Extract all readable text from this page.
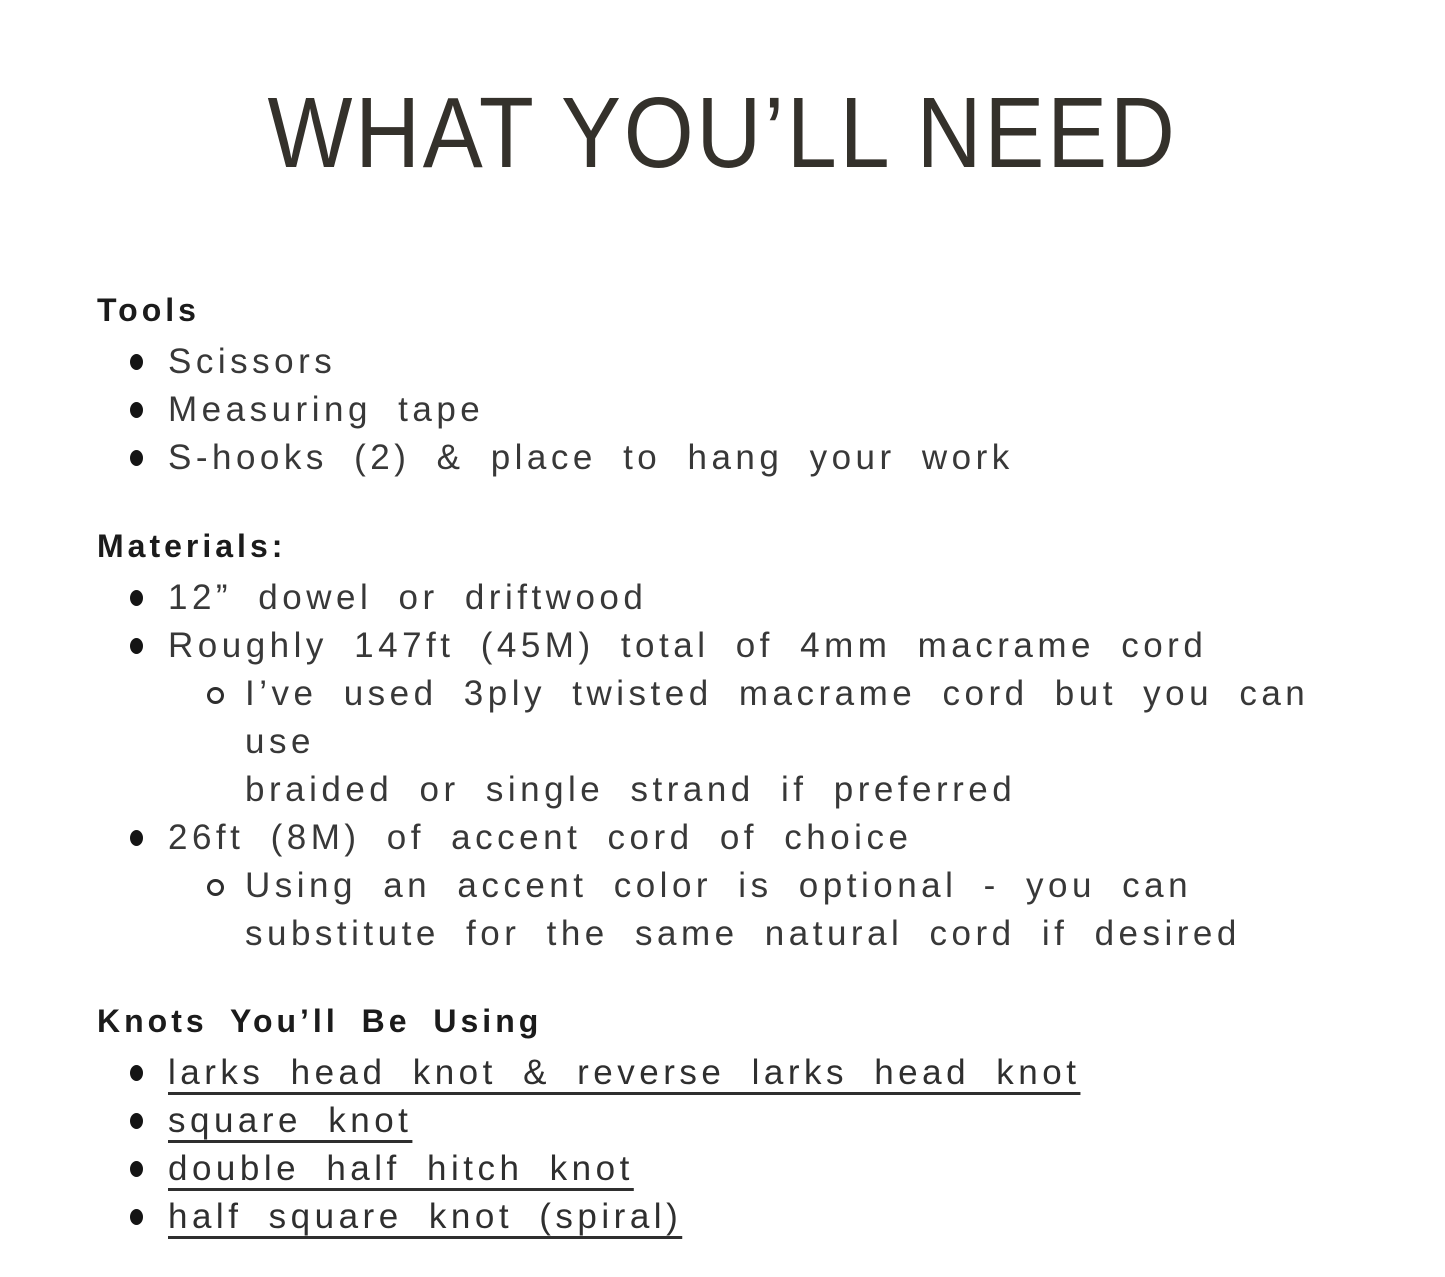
WHAT YOU’LL NEED
Tools
Scissors
Measuring tape
S-hooks (2) & place to hang your work
Materials:
12” dowel or driftwood
Roughly 147ft (45M) total of 4mm macrame cord
I’ve used 3ply twisted macrame cord but you can use
braided or single strand if preferred
26ft (8M) of accent cord of choice
Using an accent color is optional - you can
substitute for the same natural cord if desired
Knots You’ll Be Using
larks head knot & reverse larks head knot
square knot
double half hitch knot
half square knot (spiral)
